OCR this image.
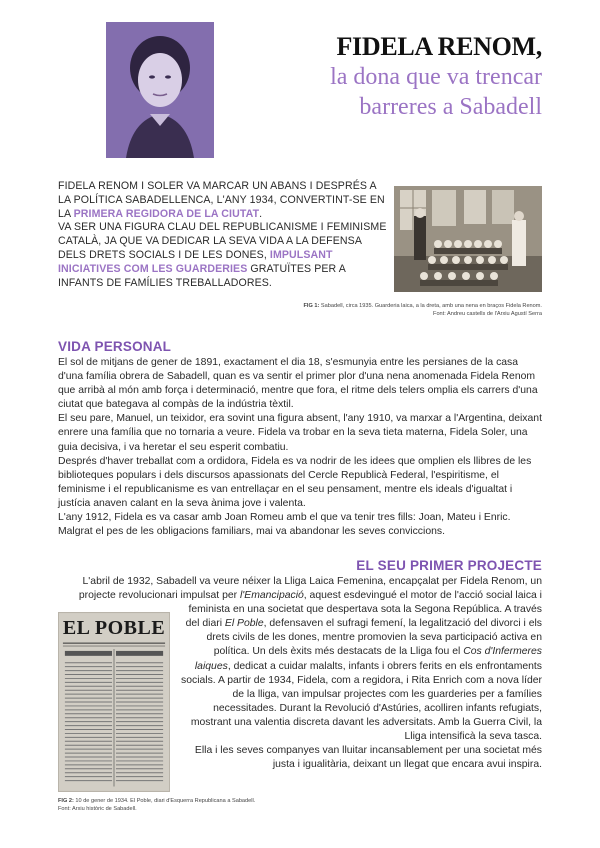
FIDELA RENOM,
la dona que va trencar
barreres a Sabadell

FIDELA RENOM I SOLER VA MARCAR UN ABANS I DESPRÉS A LA POLÍTICA SABADELLENCA, L'ANY 1934, CONVERTINT-SE EN LA PRIMERA REGIDORA DE LA CIUTAT.

VA SER UNA FIGURA CLAU DEL REPUBLICANISME I FEMINISME CATALÀ, JA QUE VA DEDICAR LA SEVA VIDA A LA DEFENSA DELS DRETS SOCIALS I DE LES DONES, IMPULSANT INICIATIVES COM LES GUARDERIES GRATUÏTES PER A INFANTS DE FAMÍLIES TREBALLADORES.

FIG 1: Sabadell, circa 1935. Guarderia laica, a la dreta, amb una nena en braços Fidela Renom.
Font: Andreu castells de l'Arxiu Agustí Serra
VIDA PERSONAL

El sol de mitjans de gener de 1891, exactament el dia 18, s'esmunyia entre les persianes de la casa d'una família obrera de Sabadell, quan es va sentir el primer plor d'una nena anomenada Fidela Renom que arribà al món amb força i determinació, mentre que fora, el ritme dels telers omplia els carrers d'una ciutat que bategava al compàs de la indústria tèxtil.

El seu pare, Manuel, un teixidor, era sovint una figura absent, l'any 1910, va marxar a l'Argentina, deixant enrere una família que no tornaria a veure. Fidela va trobar en la seva tieta materna, Fidela Soler, una guia decisiva, i va heretar el seu esperit combatiu.

Després d'haver treballat com a ordidora, Fidela es va nodrir de les idees que omplien els llibres de les biblioteques populars i dels discursos apassionats del Cercle Republicà Federal, l'espiritisme, el feminisme i el republicanisme es van entrellaçar en el seu pensament, mentre els ideals d'igualtat i justícia anaven calant en la seva ànima jove i valenta.

L'any 1912, Fidela es va casar amb Joan Romeu amb el que va tenir tres fills: Joan, Mateu i Enric. Malgrat el pes de les obligacions familiars, mai va abandonar les seves conviccions.

EL SEU PRIMER PROJECTE
EL POBLE

L'abril de 1932, Sabadell va veure néixer la Lliga Laica Femenina, encapçalat per Fidela Renom, un projecte revolucionari impulsat per l'Emancipació, aquest esdevingué el motor de l'acció social laica i feminista en una societat que despertava sota la Segona República. A través del diari El Poble, defensaven el sufragi femení, la legalització del divorci i els drets civils de les dones, mentre promovien la seva participació activa en política. Un dels èxits més destacats de la Lliga fou el Cos d'Infermeres laiques, dedicat a cuidar malalts, infants i obrers ferits en els enfrontaments socials. A partir de 1934, Fidela, com a regidora, i Rita Enrich com a nova líder de la lliga, van impulsar projectes com les guarderies per a famílies necessitades. Durant la Revolució d'Astúries, acolliren infants refugiats, mostrant una valentia discreta davant les adversitats. Amb la Guerra Civil, la Lliga intensificà la seva tasca.

Ella i les seves companyes van lluitar incansablement per una societat més justa i igualitària, deixant un llegat que encara avui inspira.

FIG 2: 10 de gener de 1934. El Poble, diari d'Esquerra Republicana a Sabadell.
Font: Arxiu històric de Sabadell.
